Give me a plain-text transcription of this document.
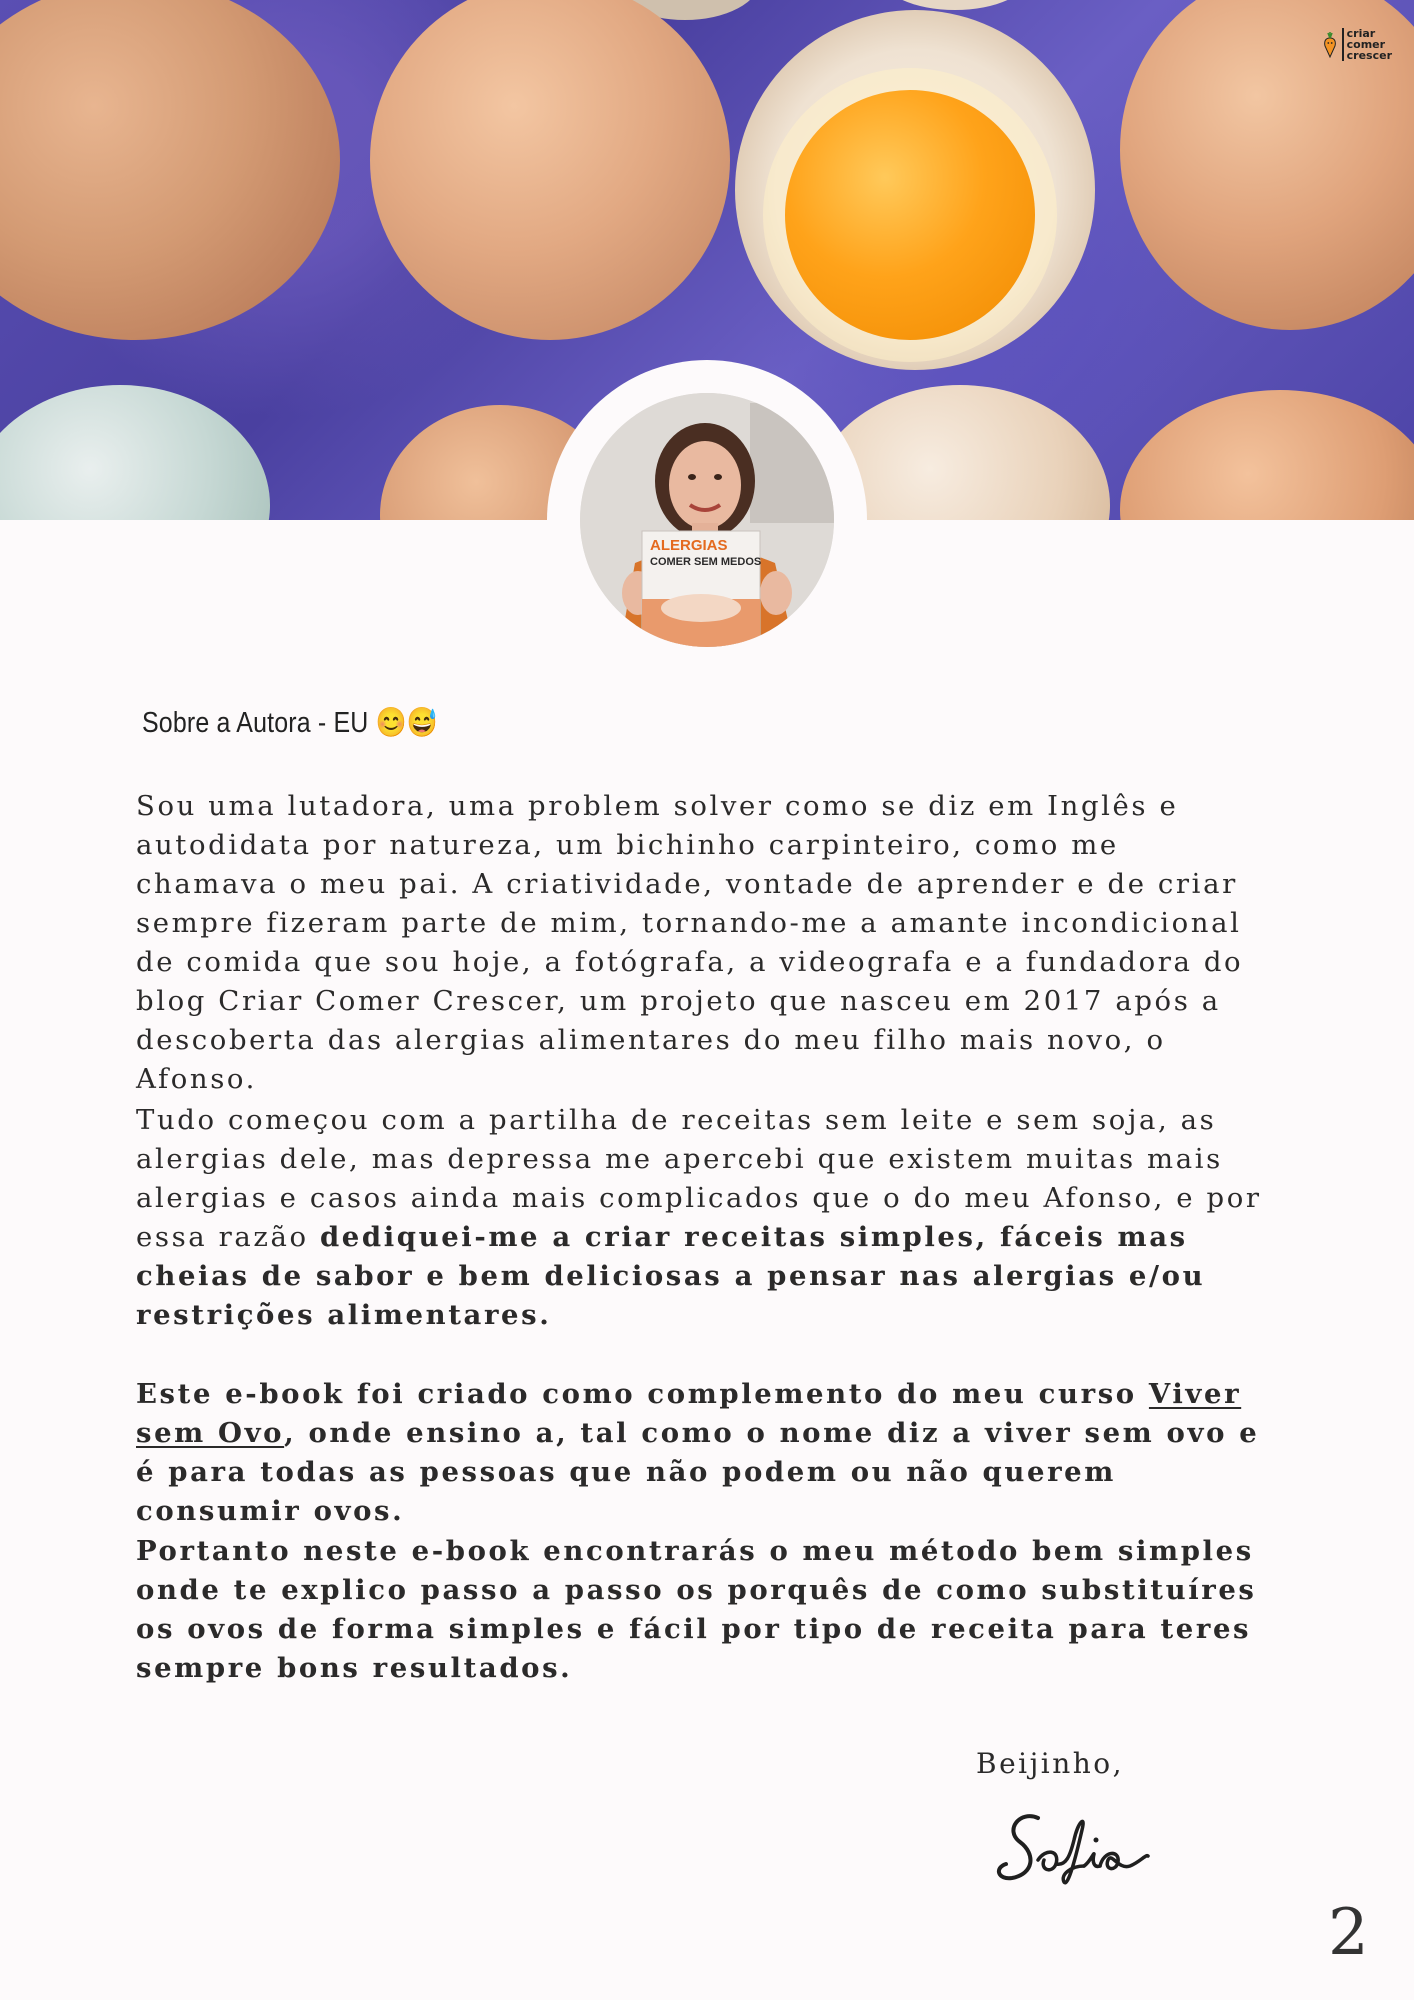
criar
comer
crescer
ALERGIAS
COMER SEM MEDOS
Sobre a Autora - EU 😊😅

Sou uma lutadora, uma problem solver como se diz em Inglês e autodidata por natureza, um bichinho carpinteiro, como me chamava o meu pai. A criatividade, vontade de aprender e de criar sempre fizeram parte de mim, tornando-me a amante incondicional de comida que sou hoje, a fotógrafa, a videografa e a fundadora do blog Criar Comer Crescer, um projeto que nasceu em 2017 após a descoberta das alergias alimentares do meu filho mais novo, o Afonso.

Tudo começou com a partilha de receitas sem leite e sem soja, as alergias dele, mas depressa me apercebi que existem muitas mais alergias e casos ainda mais complicados que o do meu Afonso, e por essa razão dediquei-me a criar receitas simples, fáceis mas cheias de sabor e bem deliciosas a pensar nas alergias e/ou restrições alimentares.

Este e-book foi criado como complemento do meu curso Viver sem Ovo, onde ensino a, tal como o nome diz a viver sem ovo e é para todas as pessoas que não podem ou não querem consumir ovos.

Portanto neste e-book encontrarás o meu método bem simples onde te explico passo a passo os porquês de como substituíres os ovos de forma simples e fácil por tipo de receita para teres sempre bons resultados.

Beijinho,
2
